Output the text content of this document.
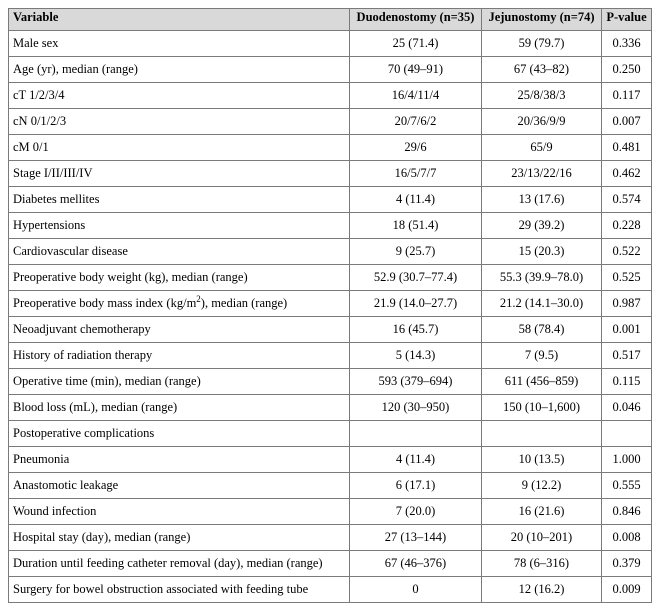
Variable	Duodenostomy (n=35)	Jejunostomy (n=74)	P-value
Male sex	25 (71.4)	59 (79.7)	0.336
Age (yr), median (range)	70 (49–91)	67 (43–82)	0.250
cT 1/2/3/4	16/4/11/4	25/8/38/3	0.117
cN 0/1/2/3	20/7/6/2	20/36/9/9	0.007
cM 0/1	29/6	65/9	0.481
Stage I/II/III/IV	16/5/7/7	23/13/22/16	0.462
Diabetes mellites	4 (11.4)	13 (17.6)	0.574
Hypertensions	18 (51.4)	29 (39.2)	0.228
Cardiovascular disease	9 (25.7)	15 (20.3)	0.522
Preoperative body weight (kg), median (range)	52.9 (30.7–77.4)	55.3 (39.9–78.0)	0.525
Preoperative body mass index $(kg/m^2)$, median (range)	21.9 (14.0–27.7)	21.2 (14.1–30.0)	0.987
Neoadjuvant chemotherapy	16 (45.7)	58 (78.4)	0.001
History of radiation therapy	5 (14.3)	7 (9.5)	0.517
Operative time (min), median (range)	593 (379–694)	611 (456–859)	0.115
Blood loss (mL), median (range)	120 (30–950)	150 (10–1,600)	0.046
Postoperative complications			
Pneumonia	4 (11.4)	10 (13.5)	1.000
Anastomotic leakage	6 (17.1)	9 (12.2)	0.555
Wound infection	7 (20.0)	16 (21.6)	0.846
Hospital stay (day), median (range)	27 (13–144)	20 (10–201)	0.008
Duration until feeding catheter removal (day), median (range)	67 (46–376)	78 (6–316)	0.379
Surgery for bowel obstruction associated with feeding tube	0	12 (16.2)	0.009
